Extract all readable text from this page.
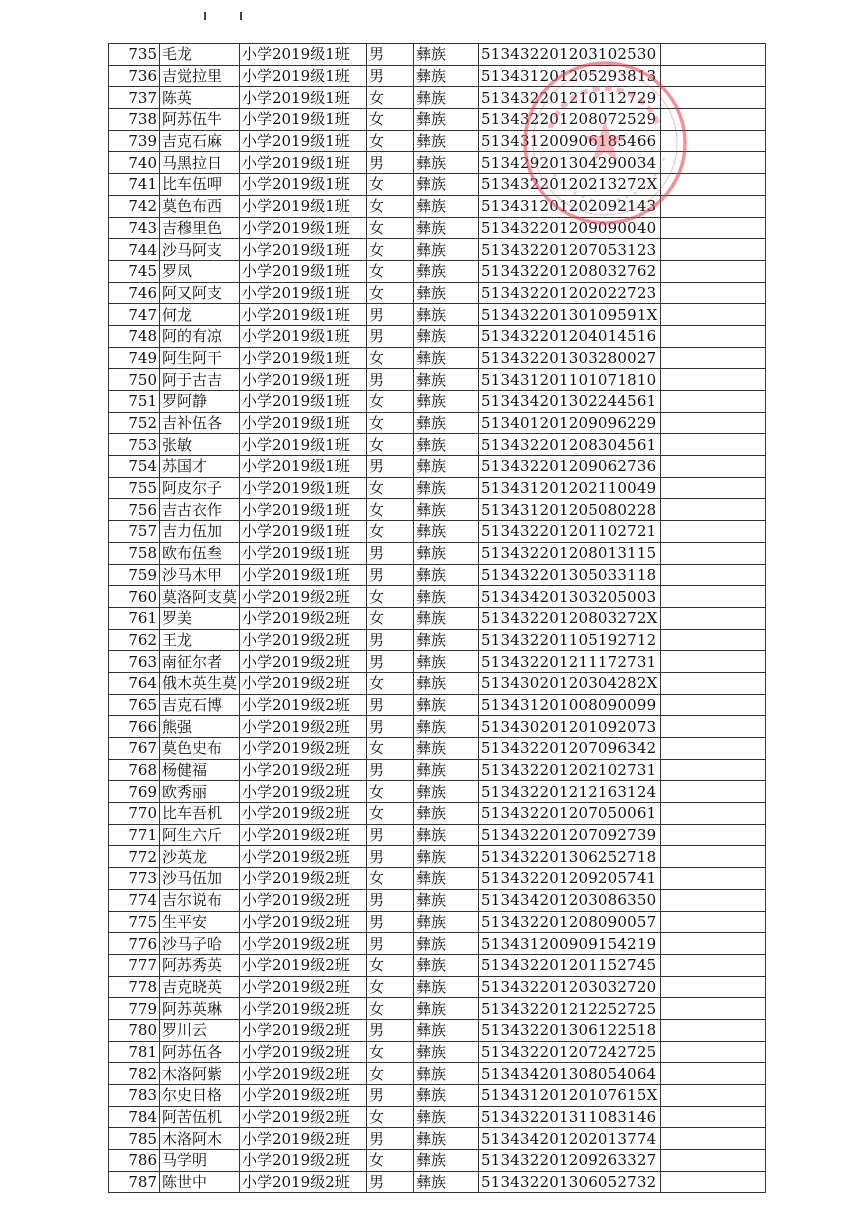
735	毛龙	小学2019级1班	男	彝族	513432201203102530	
736	吉觉拉里	小学2019级1班	男	彝族	513431201205293813	
737	陈英	小学2019级1班	女	彝族	513432201210112729	
738	阿苏伍牛	小学2019级1班	女	彝族	513432201208072529	
739	吉克石麻	小学2019级1班	女	彝族	513431200906185466	
740	马黑拉日	小学2019级1班	男	彝族	513429201304290034	
741	比车伍呷	小学2019级1班	女	彝族	51343220120213272X	
742	莫色布西	小学2019级1班	女	彝族	513431201202092143	
743	吉穆里色	小学2019级1班	女	彝族	513432201209090040	
744	沙马阿支	小学2019级1班	女	彝族	513432201207053123	
745	罗凤	小学2019级1班	女	彝族	513432201208032762	
746	阿又阿支	小学2019级1班	女	彝族	513432201202022723	
747	何龙	小学2019级1班	男	彝族	51343220130109591X	
748	阿的有凉	小学2019级1班	男	彝族	513432201204014516	
749	阿生阿干	小学2019级1班	女	彝族	513432201303280027	
750	阿于古吉	小学2019级1班	男	彝族	513431201101071810	
751	罗阿静	小学2019级1班	女	彝族	513434201302244561	
752	吉补伍各	小学2019级1班	女	彝族	513401201209096229	
753	张敏	小学2019级1班	女	彝族	513432201208304561	
754	苏国才	小学2019级1班	男	彝族	513432201209062736	
755	阿皮尔子	小学2019级1班	女	彝族	513431201202110049	
756	吉古衣作	小学2019级1班	女	彝族	513431201205080228	
757	吉力伍加	小学2019级1班	女	彝族	513432201201102721	
758	欧布伍叁	小学2019级1班	男	彝族	513432201208013115	
759	沙马木甲	小学2019级1班	男	彝族	513432201305033118	
760	莫洛阿支莫	小学2019级2班	女	彝族	513434201303205003	
761	罗美	小学2019级2班	女	彝族	51343220120803272X	
762	王龙	小学2019级2班	男	彝族	513432201105192712	
763	南征尔者	小学2019级2班	男	彝族	513432201211172731	
764	俄木英生莫	小学2019级2班	女	彝族	51343020120304282X	
765	吉克石博	小学2019级2班	男	彝族	513431201008090099	
766	熊强	小学2019级2班	男	彝族	513430201201092073	
767	莫色史布	小学2019级2班	女	彝族	513432201207096342	
768	杨健福	小学2019级2班	男	彝族	513432201202102731	
769	欧秀丽	小学2019级2班	女	彝族	513432201212163124	
770	比车吾机	小学2019级2班	女	彝族	513432201207050061	
771	阿生六斤	小学2019级2班	男	彝族	513432201207092739	
772	沙英龙	小学2019级2班	男	彝族	513432201306252718	
773	沙马伍加	小学2019级2班	女	彝族	513432201209205741	
774	吉尔说布	小学2019级2班	男	彝族	513434201203086350	
775	生平安	小学2019级2班	男	彝族	513432201208090057	
776	沙马子哈	小学2019级2班	男	彝族	513431200909154219	
777	阿苏秀英	小学2019级2班	女	彝族	513432201201152745	
778	吉克晓英	小学2019级2班	女	彝族	513432201203032720	
779	阿苏英琳	小学2019级2班	女	彝族	513432201212252725	
780	罗川云	小学2019级2班	男	彝族	513432201306122518	
781	阿苏伍各	小学2019级2班	女	彝族	513432201207242725	
782	木洛阿紫	小学2019级2班	女	彝族	513434201308054064	
783	尔史日格	小学2019级2班	男	彝族	51343120120107615X	
784	阿苦伍机	小学2019级2班	女	彝族	513432201311083146	
785	木洛阿木	小学2019级2班	男	彝族	513434201202013774	
786	马学明	小学2019级2班	女	彝族	513432201209263327	
787	陈世中	小学2019级2班	男	彝族	513432201306052732	
